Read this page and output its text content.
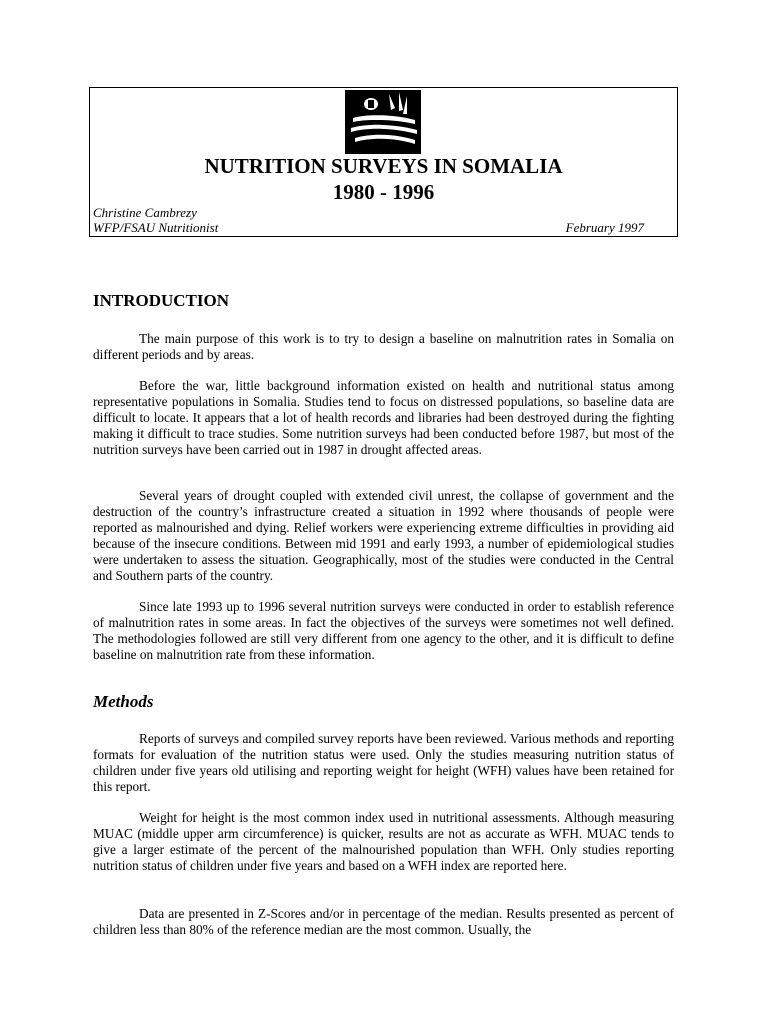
NUTRITION SURVEYS IN SOMALIA
1980 - 1996
Christine Cambrezy
WFP/FSAU Nutritionist	February 1997
INTRODUCTION

The main purpose of this work is to try to design a baseline on malnutrition rates in Somalia on different periods and by areas.

Before the war, little background information existed on health and nutritional status among representative populations in Somalia. Studies tend to focus on distressed populations, so baseline data are difficult to locate. It appears that a lot of health records and libraries had been destroyed during the fighting making it difficult to trace studies. Some nutrition surveys had been conducted before 1987, but most of the nutrition surveys have been carried out in 1987 in drought affected areas.

Several years of drought coupled with extended civil unrest, the collapse of government and the destruction of the country’s infrastructure created a situation in 1992 where thousands of people were reported as malnourished and dying. Relief workers were experiencing extreme difficulties in providing aid because of the insecure conditions. Between mid 1991 and early 1993, a number of epidemiological studies were undertaken to assess the situation. Geographically, most of the studies were conducted in the Central and Southern parts of the country.

Since late 1993 up to 1996 several nutrition surveys were conducted in order to establish reference of malnutrition rates in some areas. In fact the objectives of the surveys were sometimes not well defined. The methodologies followed are still very different from one agency to the other, and it is difficult to define baseline on malnutrition rate from these information.

Methods

Reports of surveys and compiled survey reports have been reviewed. Various methods and reporting formats for evaluation of the nutrition status were used. Only the studies measuring nutrition status of children under five years old utilising and reporting weight for height (WFH) values have been retained for this report.

Weight for height is the most common index used in nutritional assessments. Although measuring MUAC (middle upper arm circumference) is quicker, results are not as accurate as WFH. MUAC tends to give a larger estimate of the percent of the malnourished population than WFH. Only studies reporting nutrition status of children under five years and based on a WFH index are reported here.

Data are presented in Z-Scores and/or in percentage of the median. Results presented as percent of children less than 80% of the reference median are the most common. Usually, the
